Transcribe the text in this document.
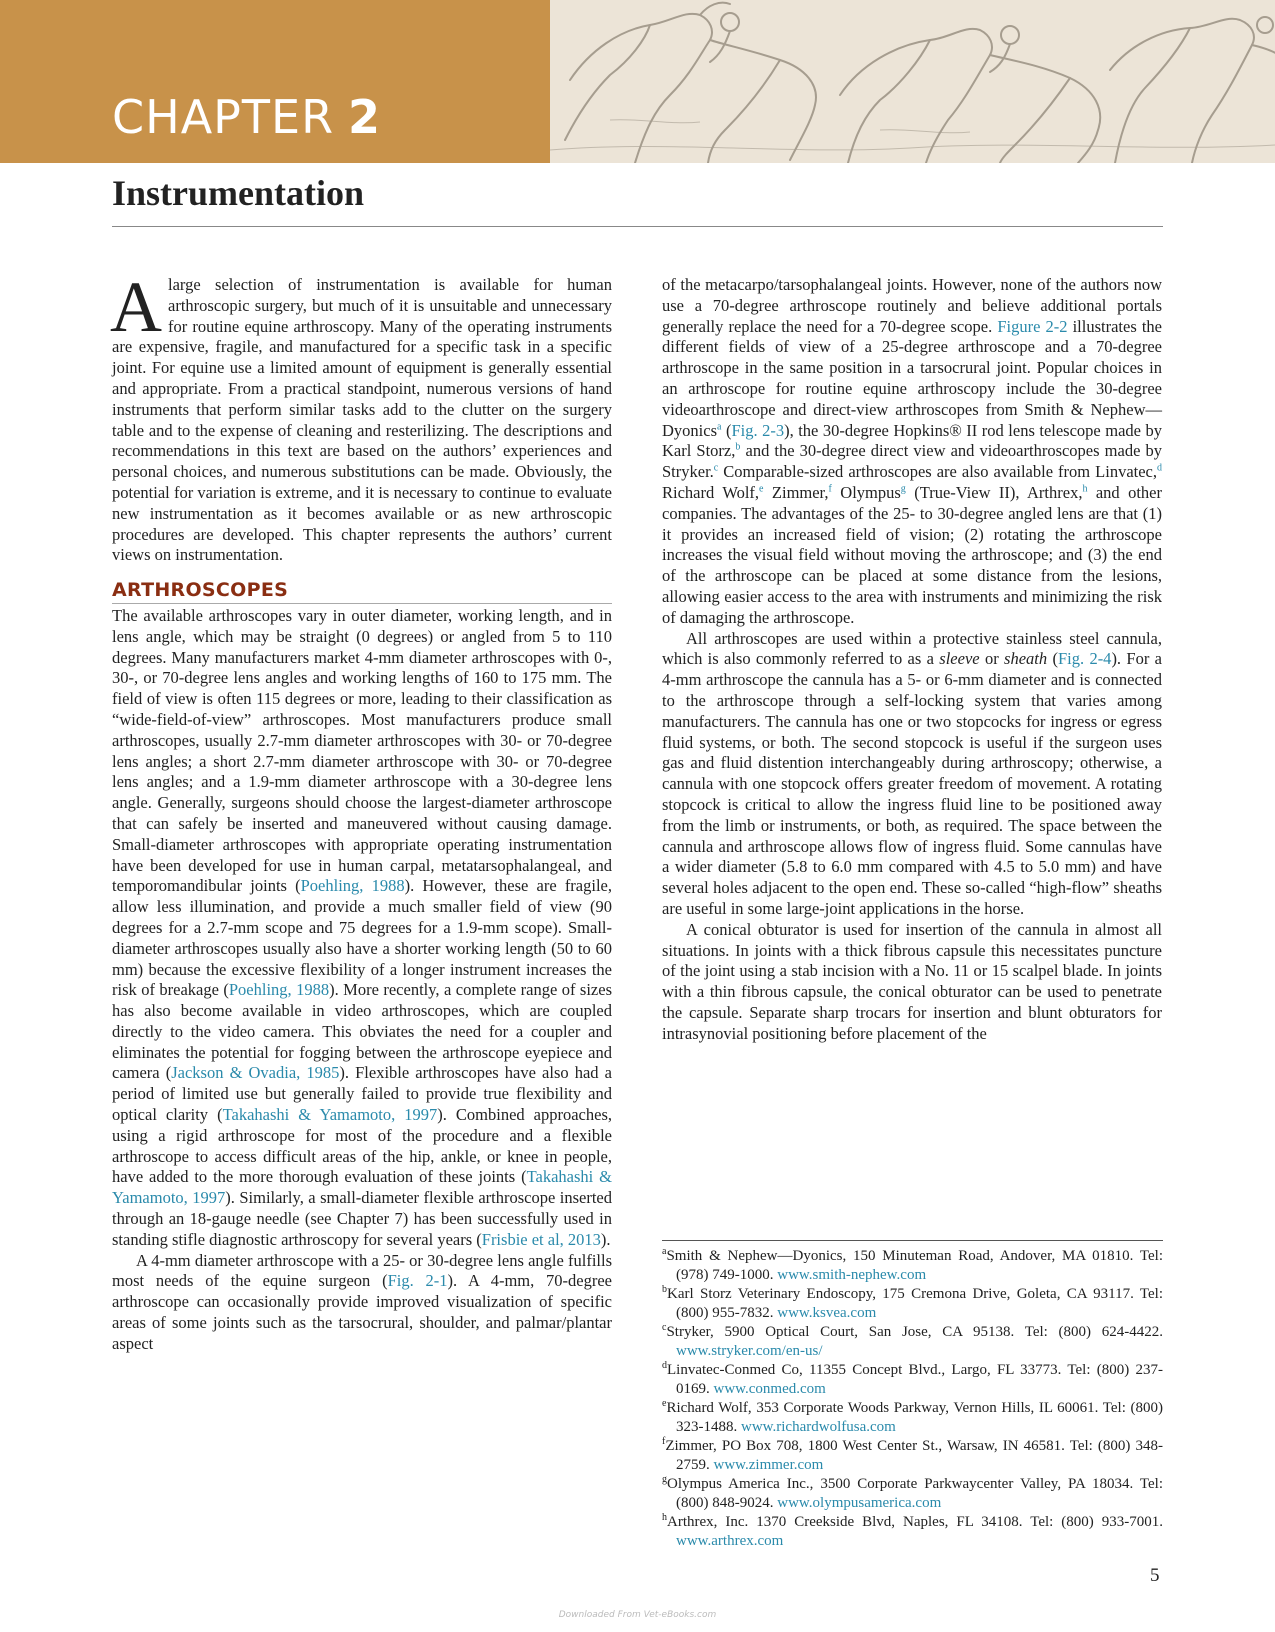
CHAPTER 2
Instrumentation

Alarge selection of instrumentation is available for human arthroscopic surgery, but much of it is unsuitable and unnecessary for routine equine arthroscopy. Many of the operating instruments are expensive, fragile, and manufactured for a specific task in a specific joint. For equine use a limited amount of equipment is generally essential and appropriate. From a practical standpoint, numerous versions of hand instruments that perform similar tasks add to the clutter on the surgery table and to the expense of cleaning and resterilizing. The descriptions and recommendations in this text are based on the authors’ experiences and personal choices, and numerous substitutions can be made. Obviously, the potential for variation is extreme, and it is necessary to continue to evaluate new instrumentation as it becomes available or as new arthroscopic procedures are developed. This chapter represents the authors’ current views on instrumentation.

ARTHROSCOPES

The available arthroscopes vary in outer diameter, working length, and in lens angle, which may be straight (0 degrees) or angled from 5 to 110 degrees. Many manufacturers market 4-mm diameter arthroscopes with 0-, 30-, or 70-degree lens angles and working lengths of 160 to 175 mm. The field of view is often 115 degrees or more, leading to their classification as “wide-field-of-view” arthroscopes. Most manufacturers produce small arthroscopes, usually 2.7-mm diameter arthroscopes with 30- or 70-degree lens angles; a short 2.7-mm diameter arthroscope with 30- or 70-degree lens angles; and a 1.9-mm diameter arthroscope with a 30-degree lens angle. Generally, surgeons should choose the largest-diameter arthroscope that can safely be inserted and maneuvered without causing damage. Small-diameter arthroscopes with appropriate operating instrumentation have been developed for use in human carpal, metatarsophalangeal, and temporomandibular joints (Poehling, 1988). However, these are fragile, allow less illumination, and provide a much smaller field of view (90 degrees for a 2.7-mm scope and 75 degrees for a 1.9-mm scope). Small-diameter arthroscopes usually also have a shorter working length (50 to 60 mm) because the excessive flexibility of a longer instrument increases the risk of breakage (Poehling, 1988). More recently, a complete range of sizes has also become available in video arthroscopes, which are coupled directly to the video camera. This obviates the need for a coupler and eliminates the potential for fogging between the arthroscope eyepiece and camera (Jackson & Ovadia, 1985). Flexible arthroscopes have also had a period of limited use but generally failed to provide true flexibility and optical clarity (Takahashi & Yamamoto, 1997). Combined approaches, using a rigid arthroscope for most of the procedure and a flexible arthroscope to access difficult areas of the hip, ankle, or knee in people, have added to the more thorough evaluation of these joints (Takahashi & Yamamoto, 1997). Similarly, a small-diameter flexible arthroscope inserted through an 18-gauge needle (see Chapter 7) has been successfully used in standing stifle diagnostic arthroscopy for several years (Frisbie et al, 2013).

A 4-mm diameter arthroscope with a 25- or 30-degree lens angle fulfills most needs of the equine surgeon (Fig. 2-1). A 4-mm, 70-degree arthroscope can occasionally provide improved visualization of specific areas of some joints such as the tarsocrural, shoulder, and palmar/plantar aspect

of the metacarpo/tarsophalangeal joints. However, none of the authors now use a 70-degree arthroscope routinely and believe additional portals generally replace the need for a 70-degree scope. Figure 2-2 illustrates the different fields of view of a 25-degree arthroscope and a 70-degree arthroscope in the same position in a tarsocrural joint. Popular choices in an arthroscope for routine equine arthroscopy include the 30-degree videoarthroscope and direct-view arthroscopes from Smith & Nephew—Dyonics$^a$ (Fig. 2-3), the 30-degree Hopkins® II rod lens telescope made by Karl Storz,$^b$ and the 30-degree direct view and videoarthroscopes made by Stryker.$^c$ Comparable-sized arthroscopes are also available from Linvatec,$^d$ Richard Wolf,$^e$ Zimmer,$^f$ Olympus$^g$ (True-View II), Arthrex,$^h$ and other companies. The advantages of the 25- to 30-degree angled lens are that (1) it provides an increased field of vision; (2) rotating the arthroscope increases the visual field without moving the arthroscope; and (3) the end of the arthroscope can be placed at some distance from the lesions, allowing easier access to the area with instruments and minimizing the risk of damaging the arthroscope.

All arthroscopes are used within a protective stainless steel cannula, which is also commonly referred to as a sleeve or sheath (Fig. 2-4). For a 4-mm arthroscope the cannula has a 5- or 6-mm diameter and is connected to the arthroscope through a self-locking system that varies among manufacturers. The cannula has one or two stopcocks for ingress or egress fluid systems, or both. The second stopcock is useful if the surgeon uses gas and fluid distention interchangeably during arthroscopy; otherwise, a cannula with one stopcock offers greater freedom of movement. A rotating stopcock is critical to allow the ingress fluid line to be positioned away from the limb or instruments, or both, as required. The space between the cannula and arthroscope allows flow of ingress fluid. Some cannulas have a wider diameter (5.8 to 6.0 mm compared with 4.5 to 5.0 mm) and have several holes adjacent to the open end. These so-called “high-flow” sheaths are useful in some large-joint applications in the horse.

A conical obturator is used for insertion of the cannula in almost all situations. In joints with a thick fibrous capsule this necessitates puncture of the joint using a stab incision with a No. 11 or 15 scalpel blade. In joints with a thin fibrous capsule, the conical obturator can be used to penetrate the capsule. Separate sharp trocars for insertion and blunt obturators for intrasynovial positioning before placement of the

$^a$Smith & Nephew—Dyonics, 150 Minuteman Road, Andover, MA 01810. Tel: (978) 749-1000. www.smith-nephew.com
$^b$Karl Storz Veterinary Endoscopy, 175 Cremona Drive, Goleta, CA 93117. Tel: (800) 955-7832. www.ksvea.com
$^c$Stryker, 5900 Optical Court, San Jose, CA 95138. Tel: (800) 624-4422. www.stryker.com/en-us/
$^d$Linvatec-Conmed Co, 11355 Concept Blvd., Largo, FL 33773. Tel: (800) 237-0169. www.conmed.com
$^e$Richard Wolf, 353 Corporate Woods Parkway, Vernon Hills, IL 60061. Tel: (800) 323-1488. www.richardwolfusa.com
$^f$Zimmer, PO Box 708, 1800 West Center St., Warsaw, IN 46581. Tel: (800) 348-2759. www.zimmer.com
$^g$Olympus America Inc., 3500 Corporate Parkwaycenter Valley, PA 18034. Tel: (800) 848-9024. www.olympusamerica.com
$^h$Arthrex, Inc. 1370 Creekside Blvd, Naples, FL 34108. Tel: (800) 933-7001. www.arthrex.com
5
Downloaded From Vet-eBooks.com
